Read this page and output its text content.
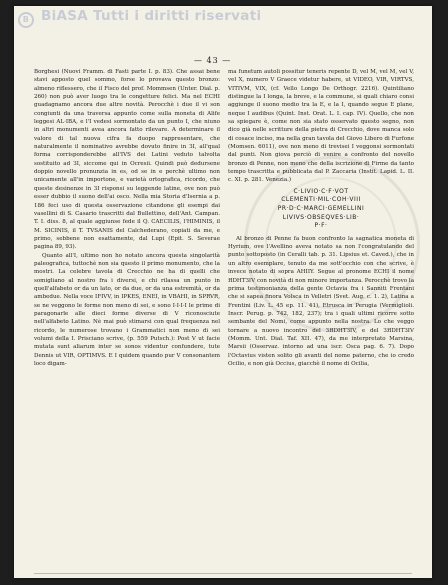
B BiASA Tutti i diritti riservati
— 43 —

Borghesi (Nuovi Framm. di Fasti parte I. p. 83). Che assai bene stavi apposto quel sommo, forse lo provava questo bronzo: almeno riflessero, che il Fisco del prof. Mommsen (Unter. Dial. p. 260) non può aver luogo tra le congetture felici. Ma nel ECHI guadagnamo ancora due altre novità. Perocchè i due il vi son congiunti da una traversa appunto come sulla moneta di Alife leggesi AL·IBA, e l'I vedesi sormontato da un punto I, che niuno in altri monumenti avea ancora fatto rilevare. A determinare il valore di tal nuova cifra fa duopo rappresentare, che naturalmente il nominativo avrebbe dovuto finire in ЗI, all'qual forma corrisponderebbe all'IVS dei Latini veduto talvolta sostituito ad ЗI, siccome qui in Ocresii. Quindi può dedursene doppio novello pronunzia in es, od se in e perchè ultimo non unicamente all'in importone, e varietà ortografica, ricordo, che queste desinenze in ЗI risponsi su leggende latine, ove non può esser dubbio il suono dell'ai osco. Nella mia Storia d'Isernia a p. 186 feci uso di questa osservazione citandone gli esempi dai vasellini di S. Casario trascritti dal Bullettino, dell'Ant. Campan. T. I. diss. 8, al quale aggiunse fede il Q. CAECILIS, l'HIMINIS, il M. SICINIS, il T. TVSANIS del Calchederano, copiati da me, e primo, sebbene non esattamente, dal Lupi (Epit. S. Severae pagina 89, 93).

Quanto all'I, ultimo non ho notato ancora questa singolarità paleografica, tuttochè non sia questo il primo monumento, che la mostri. La celebre tavola di Crecchio ne ha di quelli che somigliano al nostro fra i diversi, e chi rilassa un punto in quell'alfabeto or da un lato, or da due, or da una estremità, or da ambedue. Nella voce IFIVV, in IPKES, ENEI, in VBAHI, in SPRVR, se ne veggono le forme non meno di sei, e sono I·I·I·I le prime di paragonarle alle dieci forme diverse di V riconosciute nell'alfabeto Latino. Nè mai può stimarsi con qual frequenza nel ricordo, le numerose trovano i Grammatici non meno di sei volumi della I. Prisciano scrive, (p. 559 Putsch.): Post V ut facie mutata sunt aliarum inter se sonos videntur confundere, tute Dennis ut VIR, OPTIMVS. E I quidem quando pur V consonantem loco digam-

ma funetum autoli possitur teneris repente D, vel M, vel M, vel V, vel X, numero V Graece videtur habere, ut VIDEO, VIR, VIRTVS, VITIVM, VIX, (cf. Vello Longo De Orthogr. 2216). Quintiliano distingue la I longa, la breve, e la commune, si quali chiaro consi aggiunge il suono medio tra la E, e la I, quando segue E plane, neque I audibus (Quint. Inst. Orat. L. I. cap. IV). Quello, che non sa spiegare è, come non sia stato osservato questo segno, non dico già nelle scritture della pietra di Crecchio, dove manca solo di cosace inciso, ma nella gran tavola del Giovo Libero di Furfone (Momsen. 6011), ove non meno di trevisei I veggonsi sormontati dal punti. Non giova perciò di venire a confronto del novello bronzo di Penne, non meno che della iscrizione di Firme da tanto tempo trascritta e pubblicata dal P. Zaccaria (Instit. Lapid. L. II. c. XI. p. 281. Venezia.)

C·LIVIO·C·F·VOT
CLEMENTI·MIL·COH·VIII
PR·D·C·MARCI·GEMELLINI
LIVIVS·OBSEQVES·LIB·
P·F·

Al bronzo di Penne fa buon confronto la sagnatica moneta di Hyrium, ove l'Avellino aveva notato sa non l'congratulando del punto sottoposto (in Ceralli tab. p. 31. Lipsius et. Caved.), che in un altro esemplare, tenuto da me sott'occhio con che scrive, è invece notato di sopra AHIIY. Segue al pronome ECHI il nome ЯDHTЗIV con novità di non minore importanza. Perocchè trovo la prima testimonianza della gente Octavia fra i Sanniti Frentani che si sapea finora Volsca in Velletri (Svet. Aug. c. 1. 2), Latina a Frentini (Liv. L. 45 ep. 11. 41), Etrusca in Perugia (Vermiglioli. Inscr. Perug. p. 742, 182, 237); tra i quali ultimi ricorre sotto sembante del Nomi, come appunto nella nostra. Lo che veggo tornare a nuovo incontro del ЗЯDHTЗIV, e del ЗЯDHTЗIV (Momm. Unt. Dial. Taf. XII. 47), da me interpretato Marsina, Marsii (Osservaz. intorno ad una iscr. Osca pag. 6. 7). Dopo l'Octavius visten solito gli avanti del nome paterno, che io credo Ocilio, e non già Occius, giacchè il nome di Ocilia,
